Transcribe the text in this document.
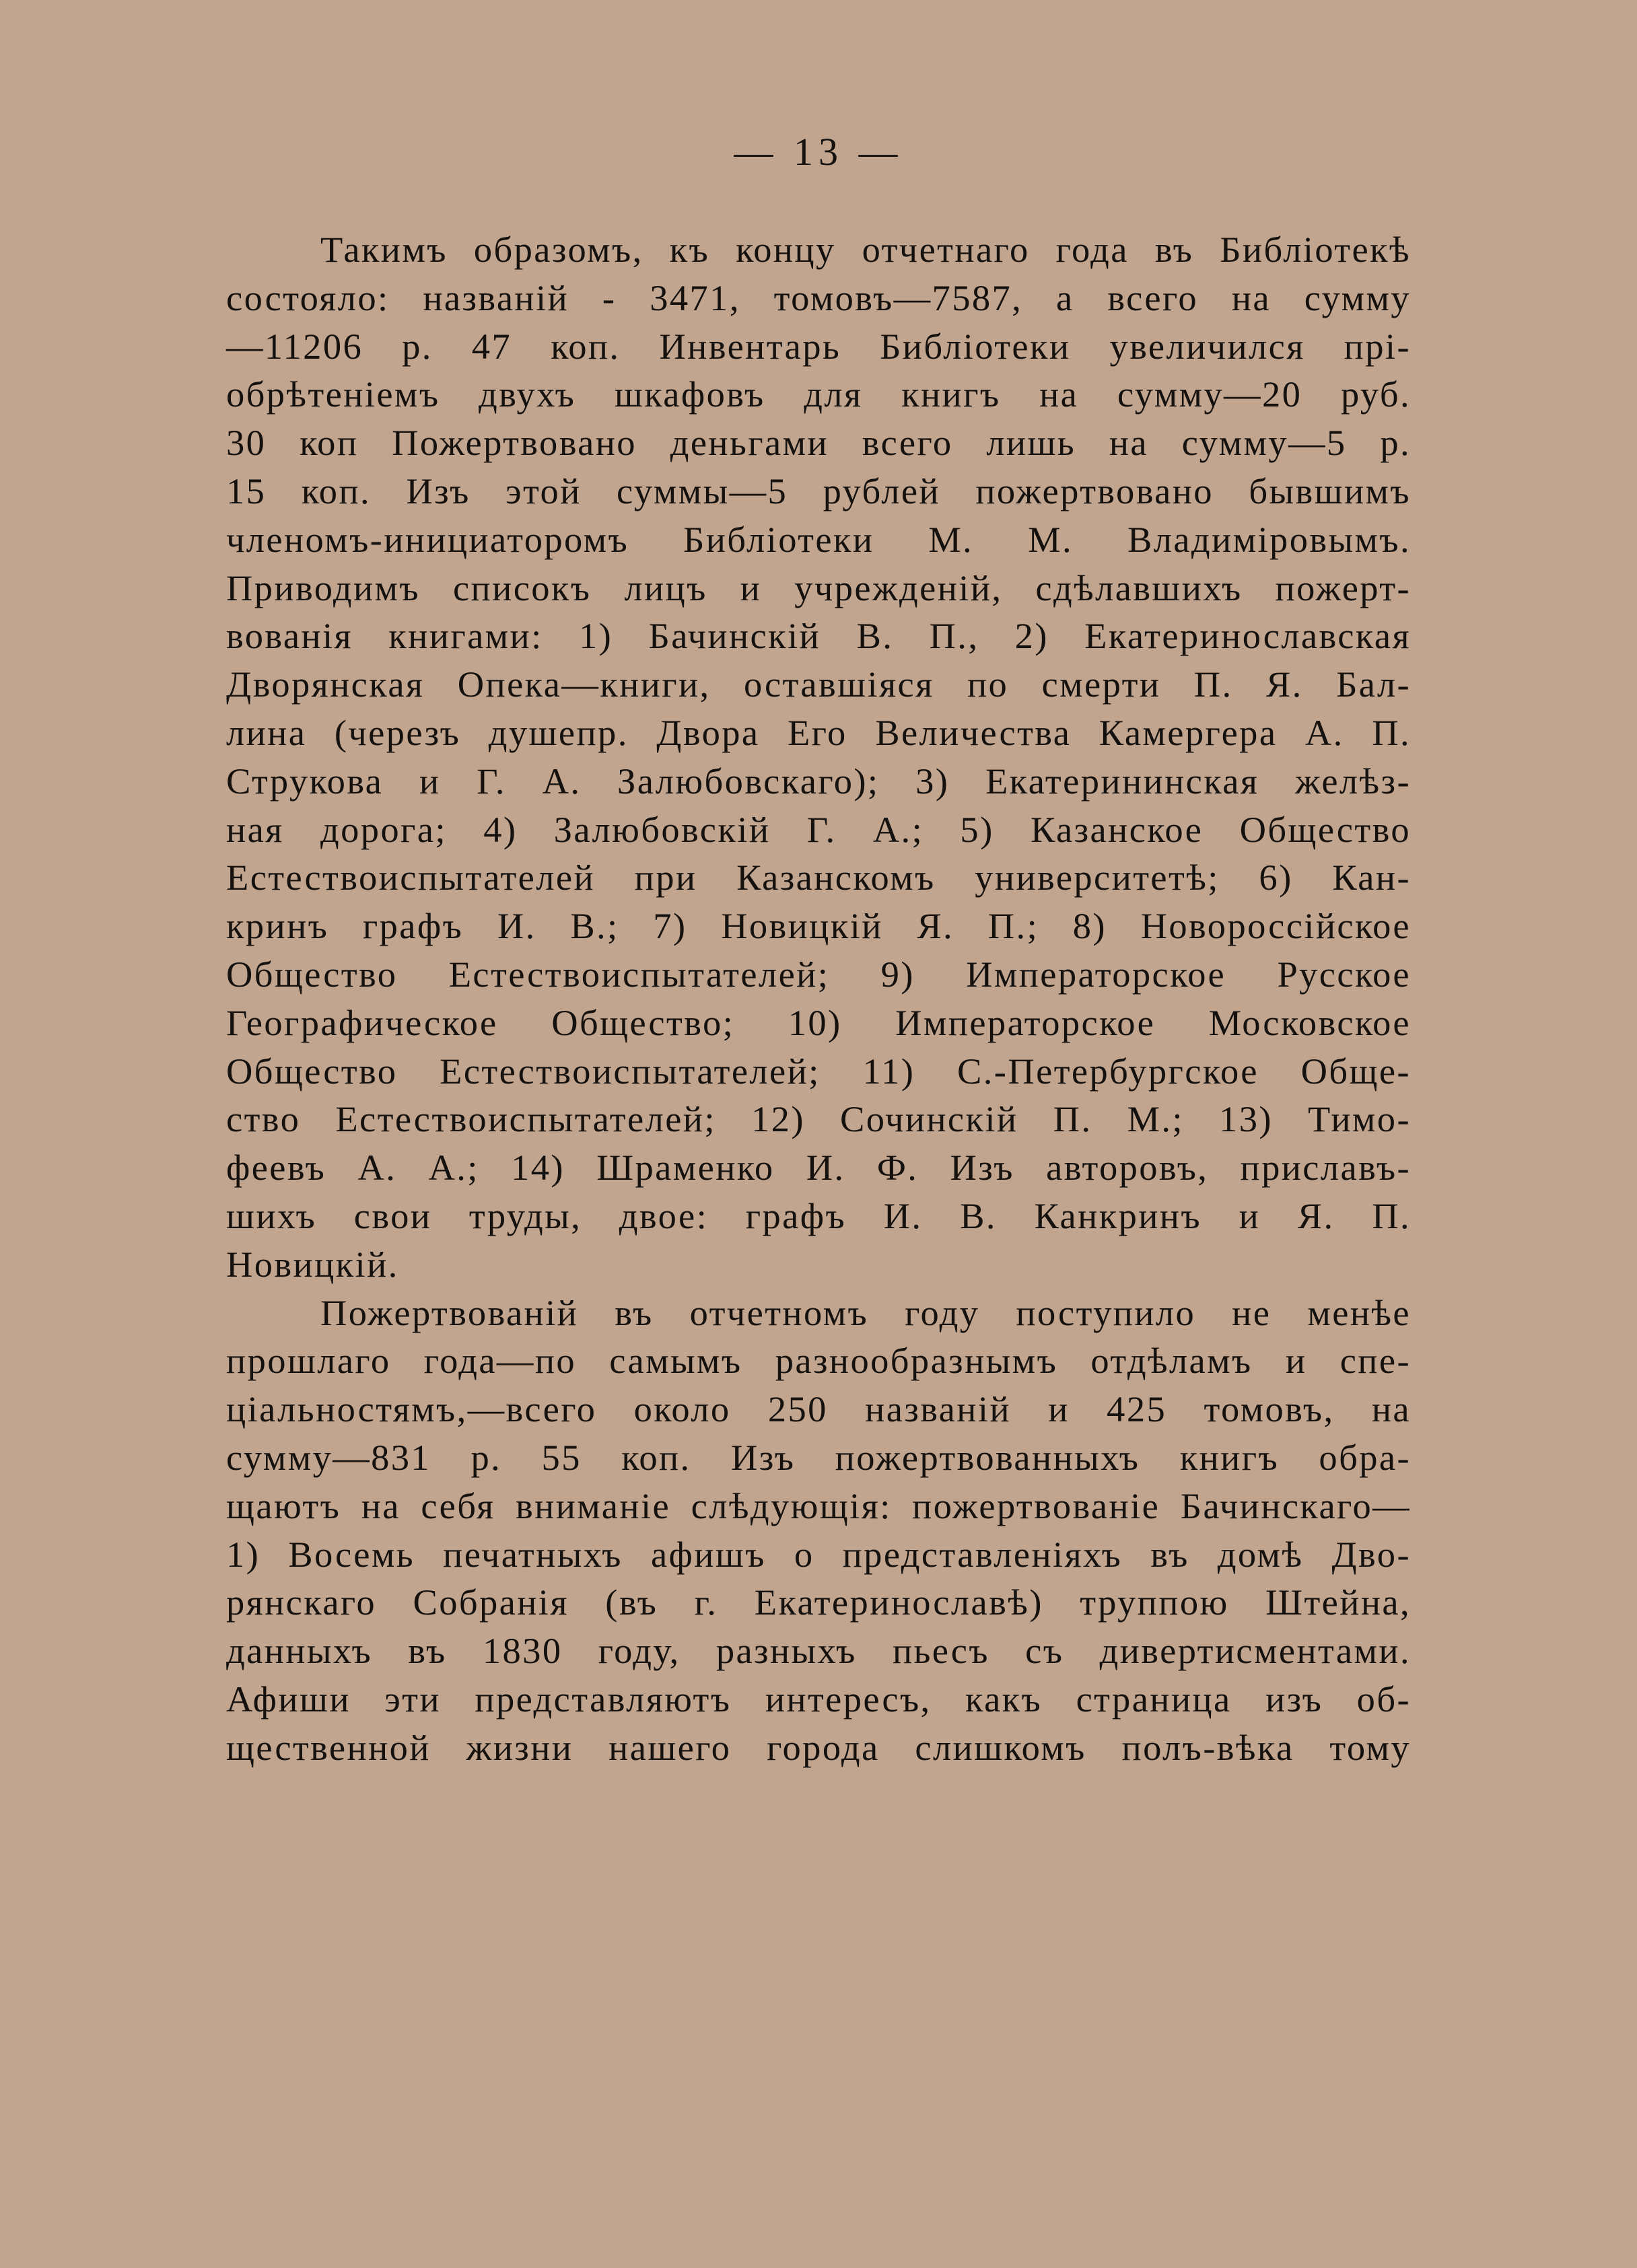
— 13 —
Такимъ образомъ, къ концу отчетнаго года въ Библіотекѣ
состояло: названій - 3471, томовъ—7587, а всего на сумму
—11206 р. 47 коп. Инвентарь Библіотеки увеличился прі-
обрѣтеніемъ двухъ шкафовъ для книгъ на сумму—20 руб.
30 коп Пожертвовано деньгами всего лишь на сумму—5 р.
15 коп. Изъ этой суммы—5 рублей пожертвовано бывшимъ
членомъ-инициаторомъ Библіотеки М. М. Владиміровымъ.
Приводимъ списокъ лицъ и учрежденій, сдѣлавшихъ пожерт-
вованія книгами: 1) Бачинскій В. П., 2) Екатеринославская
Дворянская Опека—книги, оставшіяся по смерти П. Я. Бал-
лина (черезъ душепр. Двора Его Величества Камергера А. П.
Струкова и Г. А. Залюбовскаго); 3) Екатерининская желѣз-
ная дорога; 4) Залюбовскій Г. А.; 5) Казанское Общество
Естествоиспытателей при Казанскомъ университетѣ; 6) Кан-
кринъ графъ И. В.; 7) Новицкій Я. П.; 8) Новороссійское
Общество Естествоиспытателей; 9) Императорское Русское
Географическое Общество; 10) Императорское Московское
Общество Естествоиспытателей; 11) С.-Петербургское Обще-
ство Естествоиспытателей; 12) Сочинскій П. М.; 13) Тимо-
феевъ А. А.; 14) Шраменко И. Ф. Изъ авторовъ, приславъ-
шихъ свои труды, двое: графъ И. В. Канкринъ и Я. П.
Новицкій.
Пожертвованій въ отчетномъ году поступило не менѣе
прошлаго года—по самымъ разнообразнымъ отдѣламъ и спе-
ціальностямъ,—всего около 250 названій и 425 томовъ, на
сумму—831 р. 55 коп. Изъ пожертвованныхъ книгъ обра-
щаютъ на себя вниманіе слѣдующія: пожертвованіе Бачинскаго—
1) Восемь печатныхъ афишъ о представленіяхъ въ домѣ Дво-
рянскаго Собранія (въ г. Екатеринославѣ) труппою Штейна,
данныхъ въ 1830 году, разныхъ пьесъ съ дивертисментами.
Афиши эти представляютъ интересъ, какъ страница изъ об-
щественной жизни нашего города слишкомъ полъ-вѣка тому
